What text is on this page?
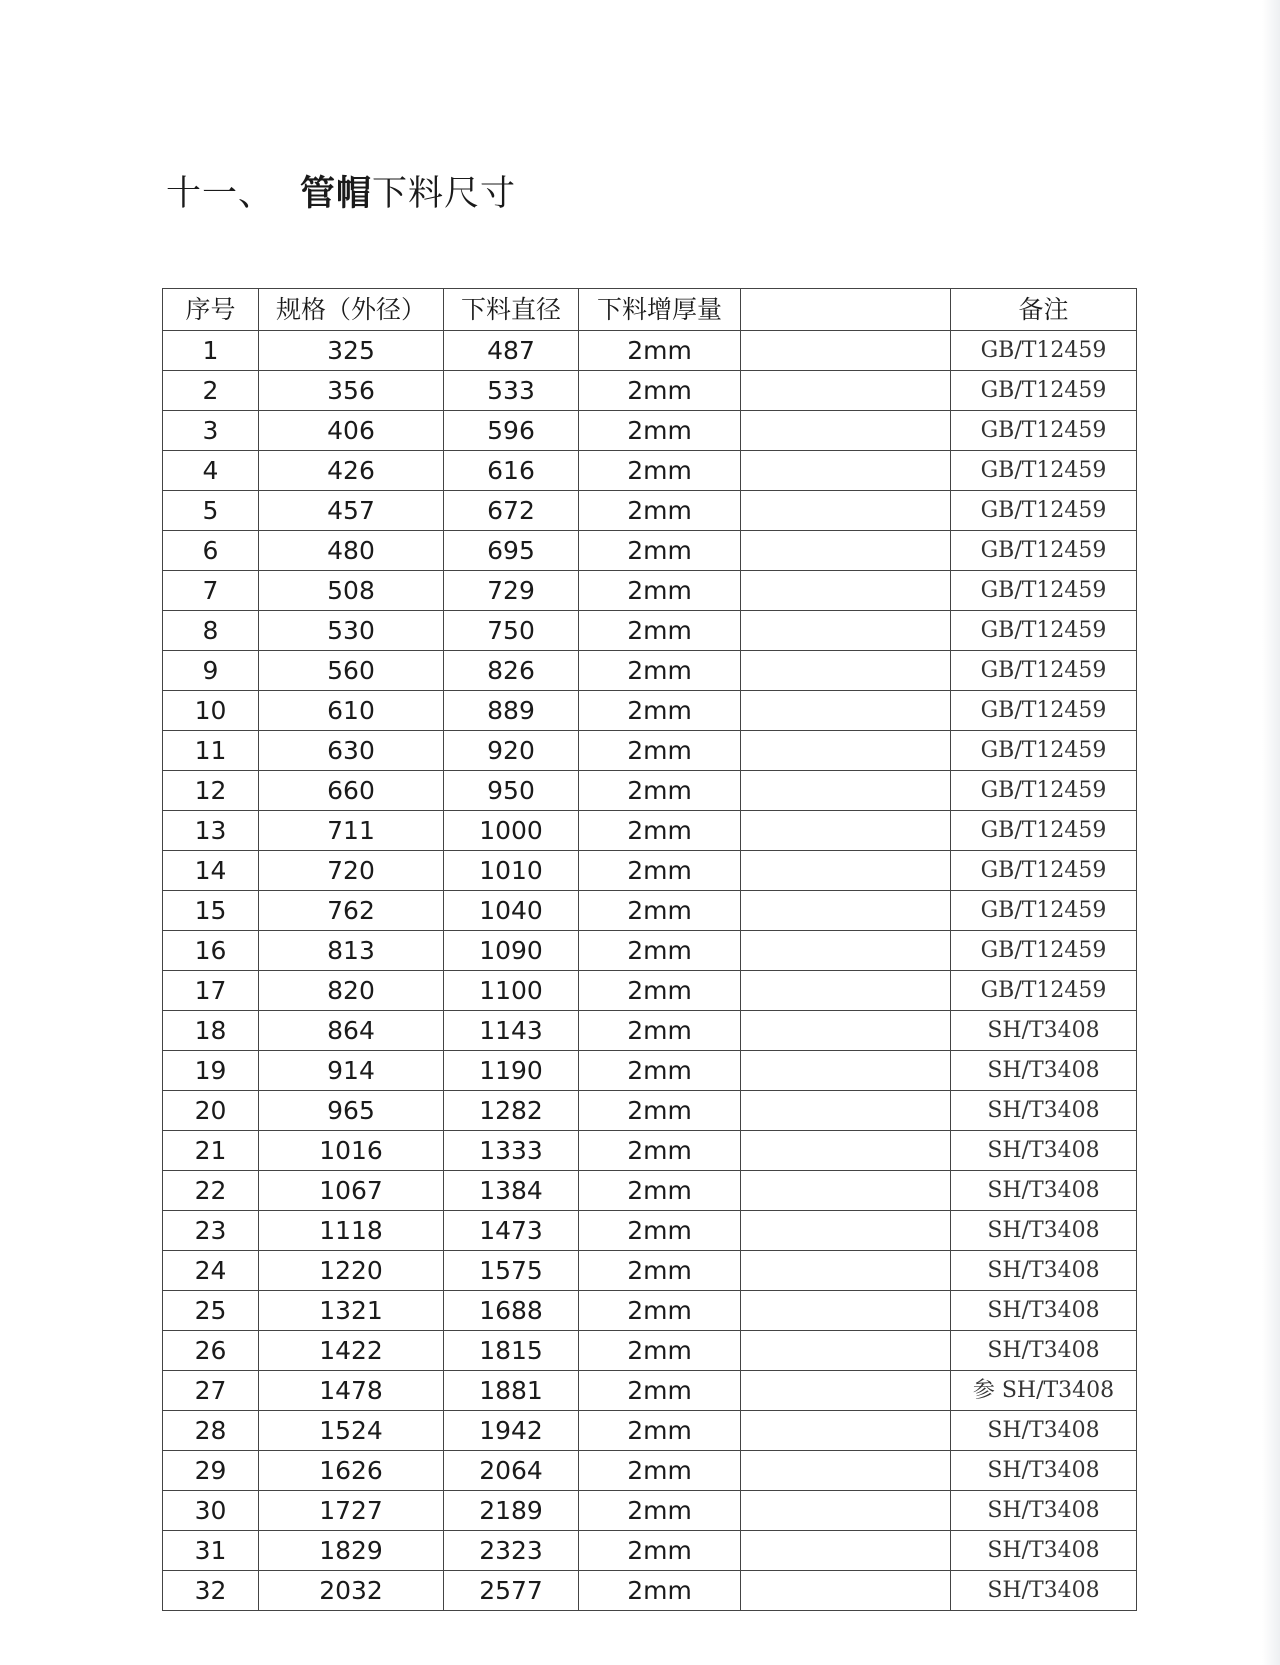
十一、 管帽下料尺寸
序号	规格（外径）	下料直径	下料增厚量		备注
1	325	487	2mm		GB/T12459
2	356	533	2mm		GB/T12459
3	406	596	2mm		GB/T12459
4	426	616	2mm		GB/T12459
5	457	672	2mm		GB/T12459
6	480	695	2mm		GB/T12459
7	508	729	2mm		GB/T12459
8	530	750	2mm		GB/T12459
9	560	826	2mm		GB/T12459
10	610	889	2mm		GB/T12459
11	630	920	2mm		GB/T12459
12	660	950	2mm		GB/T12459
13	711	1000	2mm		GB/T12459
14	720	1010	2mm		GB/T12459
15	762	1040	2mm		GB/T12459
16	813	1090	2mm		GB/T12459
17	820	1100	2mm		GB/T12459
18	864	1143	2mm		SH/T3408
19	914	1190	2mm		SH/T3408
20	965	1282	2mm		SH/T3408
21	1016	1333	2mm		SH/T3408
22	1067	1384	2mm		SH/T3408
23	1118	1473	2mm		SH/T3408
24	1220	1575	2mm		SH/T3408
25	1321	1688	2mm		SH/T3408
26	1422	1815	2mm		SH/T3408
27	1478	1881	2mm		参 SH/T3408
28	1524	1942	2mm		SH/T3408
29	1626	2064	2mm		SH/T3408
30	1727	2189	2mm		SH/T3408
31	1829	2323	2mm		SH/T3408
32	2032	2577	2mm		SH/T3408
